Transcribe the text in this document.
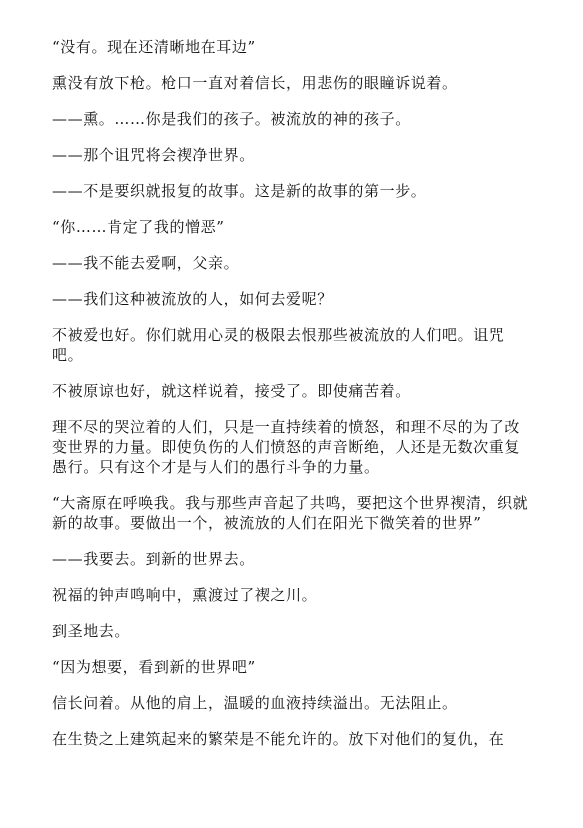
“没有。现在还清晰地在耳边”

熏没有放下枪。枪口一直对着信长，用悲伤的眼瞳诉说着。

——熏。……你是我们的孩子。被流放的神的孩子。

——那个诅咒将会禊净世界。

——不是要织就报复的故事。这是新的故事的第一步。

“你……肯定了我的憎恶”

——我不能去爱啊，父亲。

——我们这种被流放的人，如何去爱呢？

不被爱也好。你们就用心灵的极限去恨那些被流放的人们吧。诅咒吧。

不被原谅也好，就这样说着，接受了。即使痛苦着。

理不尽的哭泣着的人们，只是一直持续着的愤怒，和理不尽的为了改变世界的力量。即使负伤的人们愤怒的声音断绝，人还是无数次重复愚行。只有这个才是与人们的愚行斗争的力量。

“大斋原在呼唤我。我与那些声音起了共鸣，要把这个世界禊清，织就新的故事。要做出一个，被流放的人们在阳光下微笑着的世界”

——我要去。到新的世界去。

祝福的钟声鸣响中，熏渡过了禊之川。

到圣地去。

“因为想要，看到新的世界吧”

信长问着。从他的肩上，温暖的血液持续溢出。无法阻止。

在生贽之上建筑起来的繁荣是不能允许的。放下对他们的复仇，在
